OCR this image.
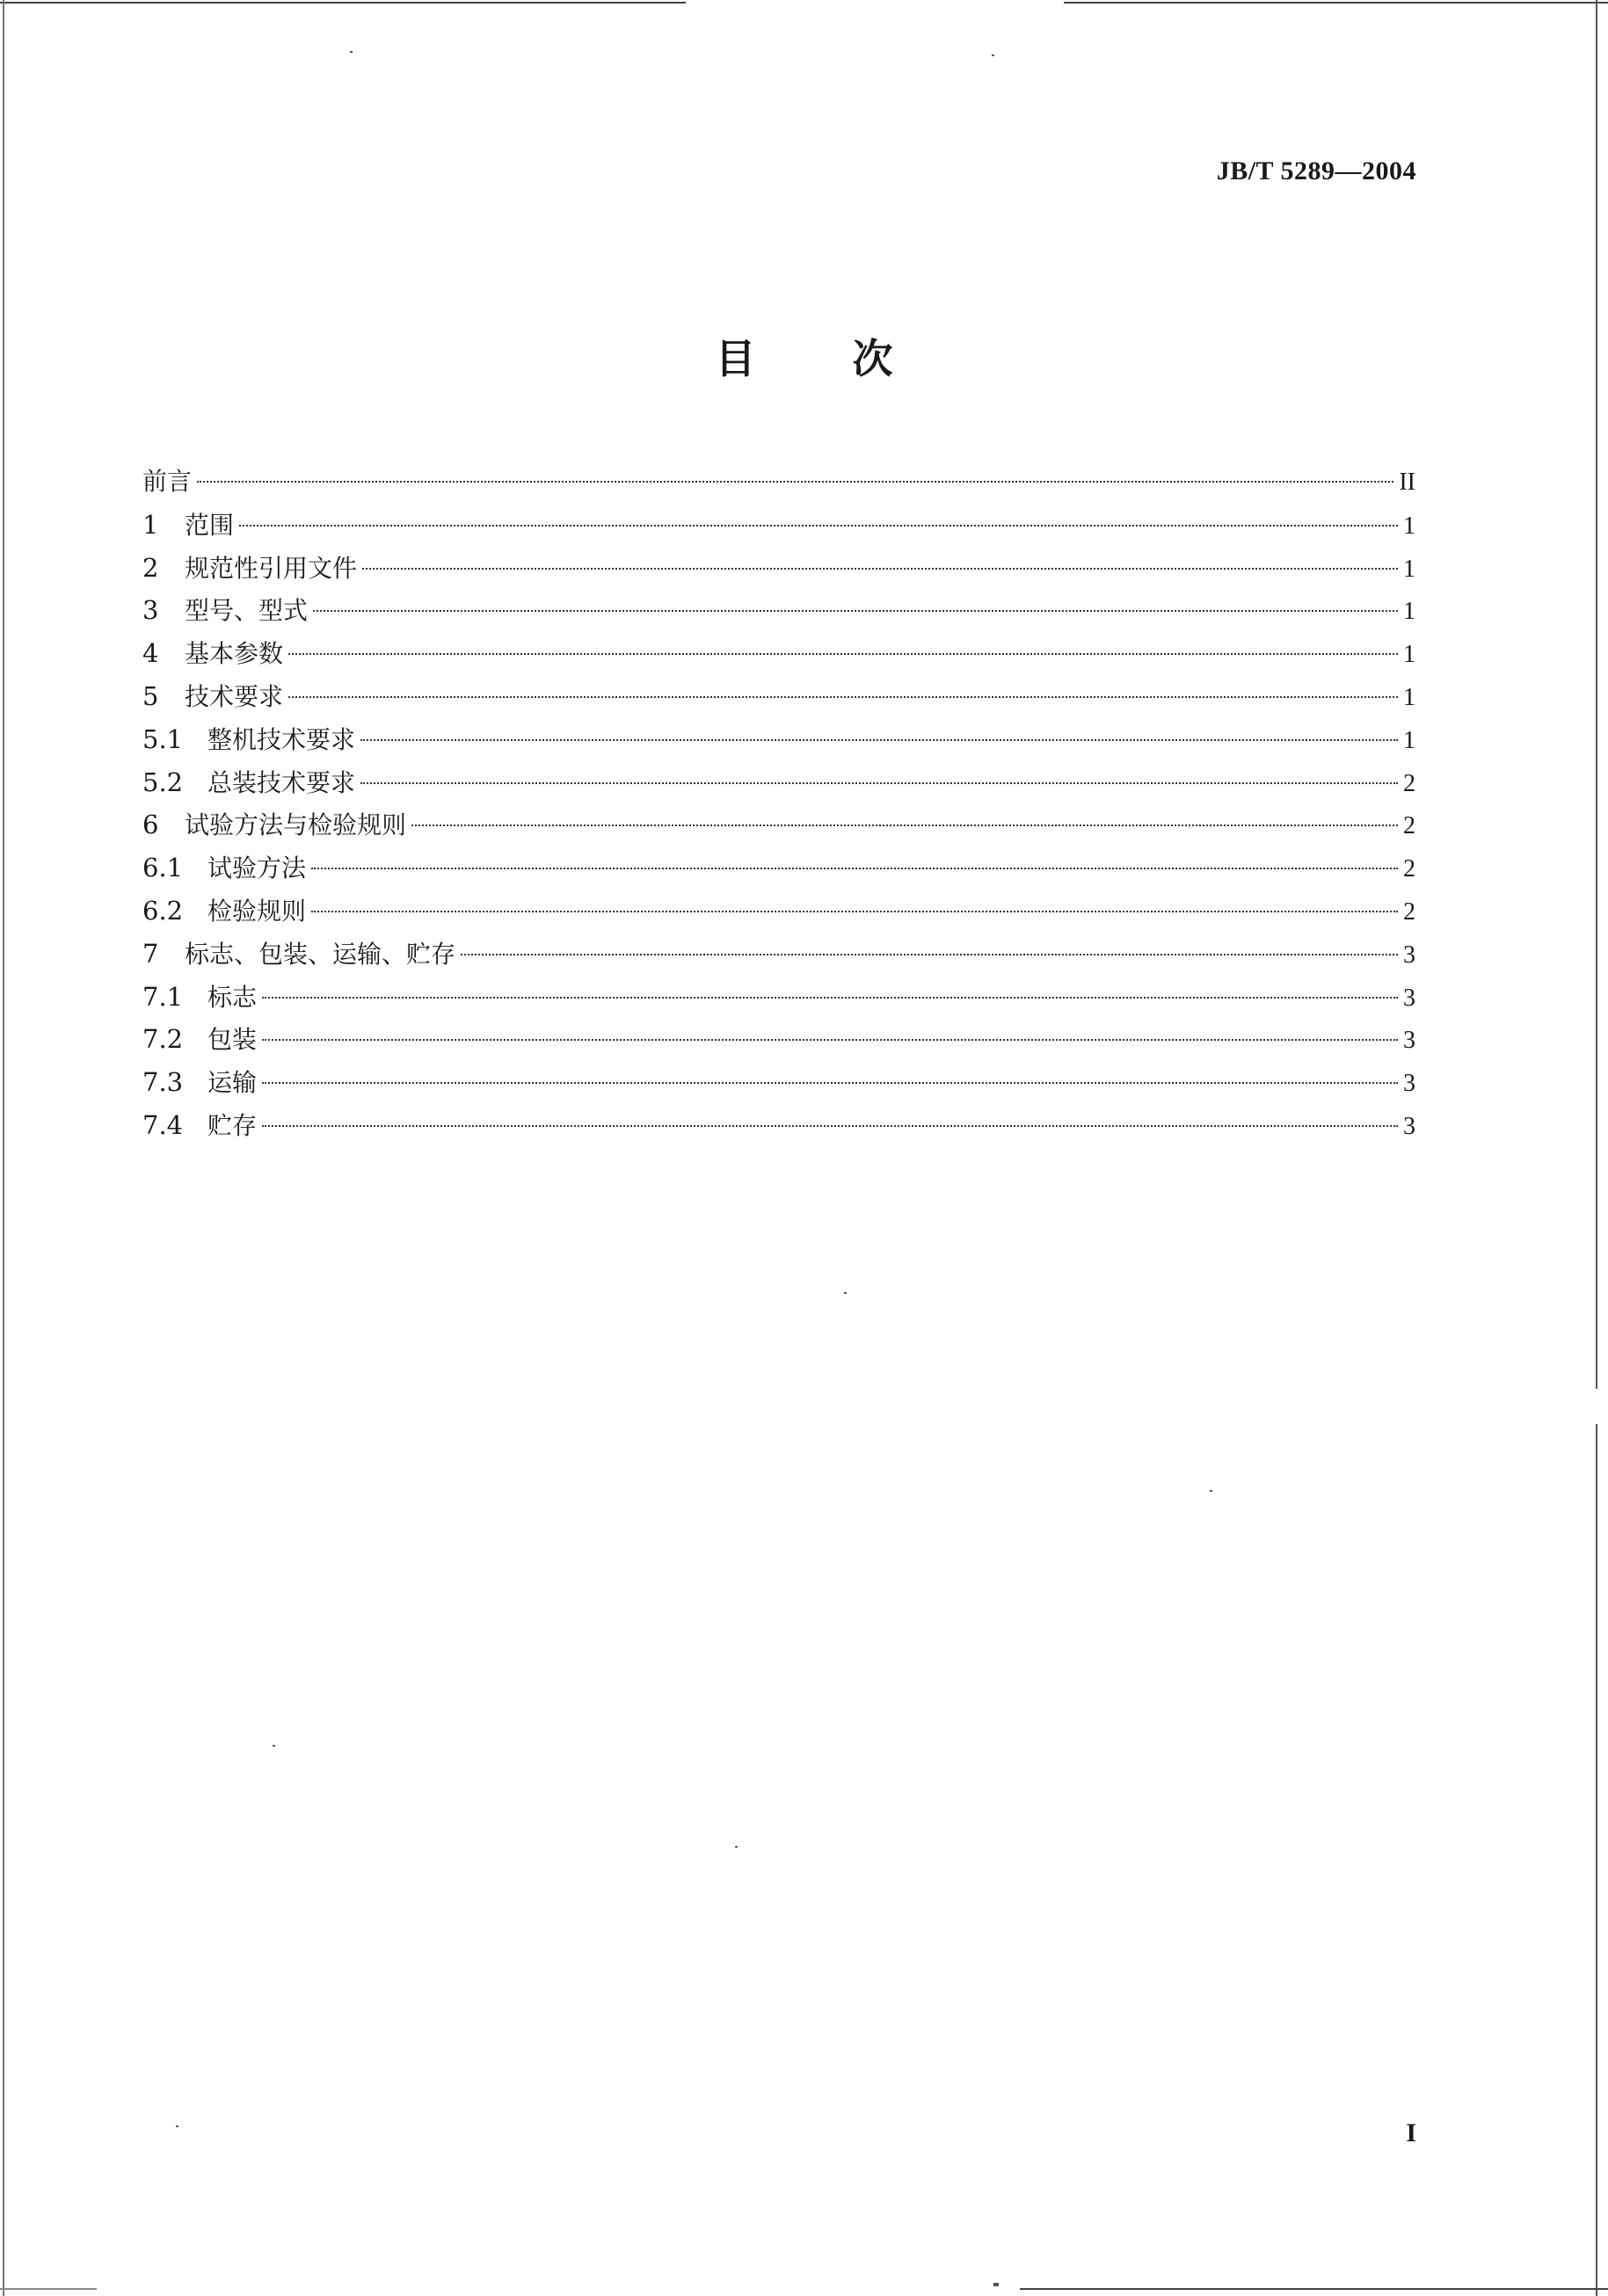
JB/T 5289—2004
目 次
前言	II
1	范围	1
2	规范性引用文件	1
3	型号、型式	1
4	基本参数	1
5	技术要求	1
5.1 整机技术要求	1
5.2 总装技术要求	2
6	试验方法与检验规则	2
6.1 试验方法	2
6.2 检验规则	2
7	标志、包装、运输、贮存	3
7.1 标志	3
7.2 包装	3
7.3 运输	3
7.4 贮存	3
I
